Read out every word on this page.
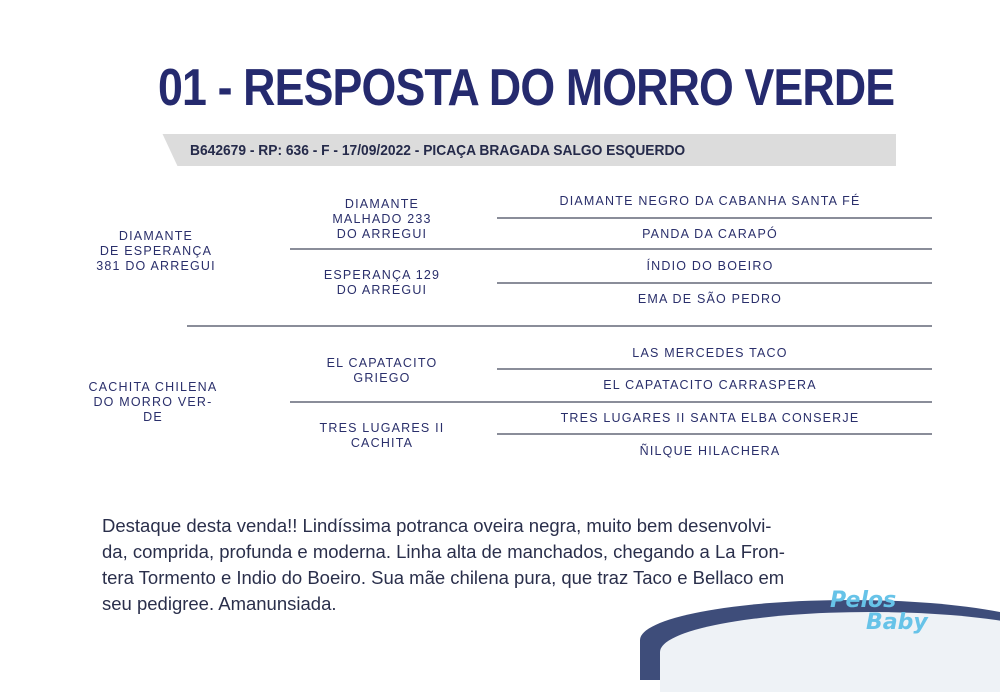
01 - RESPOSTA DO MORRO VERDE
B642679 - RP: 636 - F - 17/09/2022 - PICAÇA BRAGADA SALGO ESQUERDO
DIAMANTE
DE ESPERANÇA
381 DO ARREGUI
CACHITA CHILENA
DO MORRO VER-
DE
DIAMANTE
MALHADO 233
DO ARREGUI
ESPERANÇA 129
DO ARREGUI
EL CAPATACITO
GRIEGO
TRES LUGARES II
CACHITA
DIAMANTE NEGRO DA CABANHA SANTA FÉ
PANDA DA CARAPÓ
ÍNDIO DO BOEIRO
EMA DE SÃO PEDRO
LAS MERCEDES TACO
EL CAPATACITO CARRASPERA
TRES LUGARES II SANTA ELBA CONSERJE
ÑILQUE HILACHERA
Destaque desta venda!! Lindíssima potranca oveira negra, muito bem desenvolvi-
da, comprida, profunda e moderna. Linha alta de manchados, chegando a La Fron-
tera Tormento e Indio do Boeiro. Sua mãe chilena pura, que traz Taco e Bellaco em
seu pedigree. Amanunsiada.	Pelos
Baby
